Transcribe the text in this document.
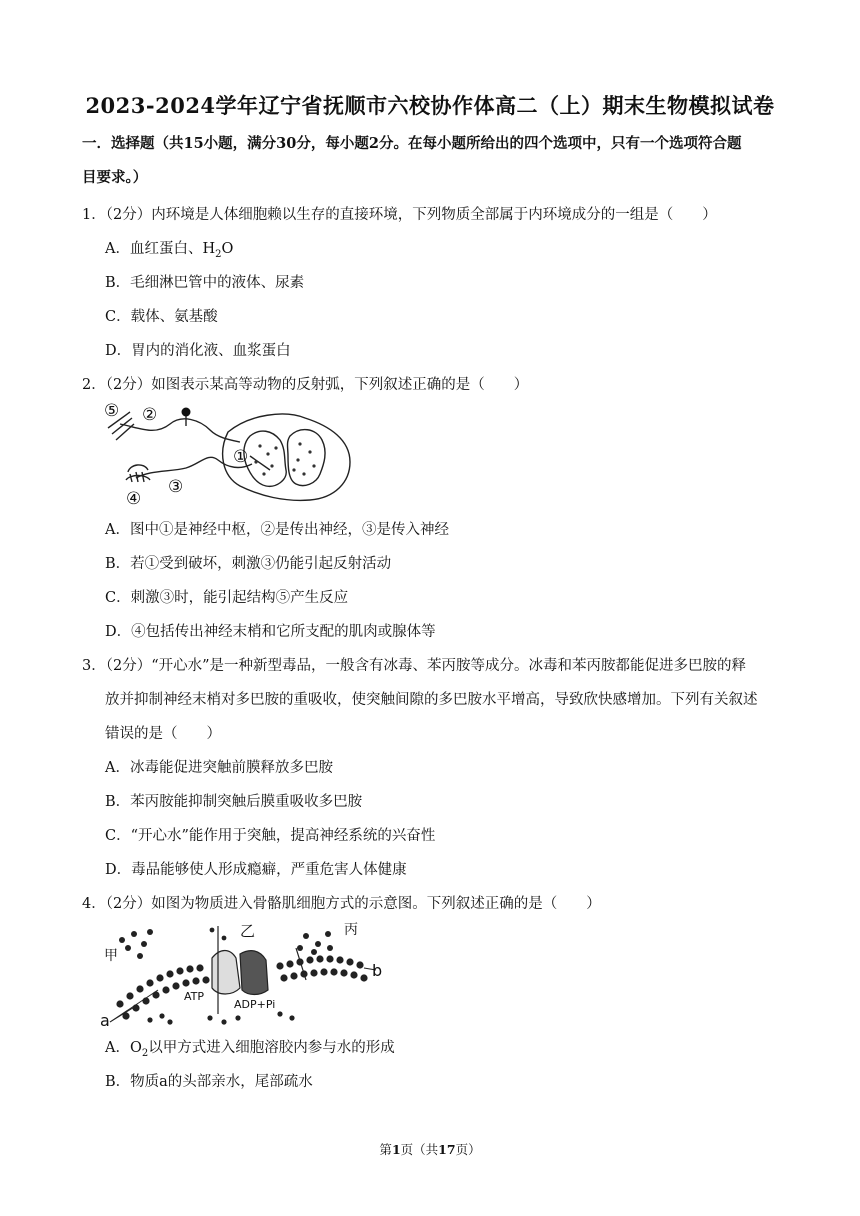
2023-2024学年辽宁省抚顺市六校协作体高二（上）期末生物模拟试卷
一．选择题（共15小题，满分30分，每小题2分。在每小题所给出的四个选项中，只有一个选项符合题
目要求。）
1．（2分）内环境是人体细胞赖以生存的直接环境，下列物质全部属于内环境成分的一组是（　　）
A．血红蛋白、$H_2O$
B．毛细淋巴管中的液体、尿素
C．载体、氨基酸
D．胃内的消化液、血浆蛋白
2．（2分）如图表示某高等动物的反射弧，下列叙述正确的是（　　）
⑤ ②
①
③
④
A．图中①是神经中枢，②是传出神经，③是传入神经
B．若①受到破坏，刺激③仍能引起反射活动
C．刺激③时，能引起结构⑤产生反应
D．④包括传出神经末梢和它所支配的肌肉或腺体等
3．（2分）“开心水”是一种新型毒品，一般含有冰毒、苯丙胺等成分。冰毒和苯丙胺都能促进多巴胺的释
放并抑制神经末梢对多巴胺的重吸收，使突触间隙的多巴胺水平增高，导致欣快感增加。下列有关叙述
错误的是（　　）
A．冰毒能促进突触前膜释放多巴胺
B．苯丙胺能抑制突触后膜重吸收多巴胺
C．“开心水”能作用于突触，提高神经系统的兴奋性
D．毒品能够使人形成瘾癖，严重危害人体健康
4．（2分）如图为物质进入骨骼肌细胞方式的示意图。下列叙述正确的是（　　）
甲
乙	丙
a
b
ATP
ADP+Pi
A．$O_2$以甲方式进入细胞溶胶内参与水的形成
B．物质a的头部亲水，尾部疏水
第1页（共17页）
